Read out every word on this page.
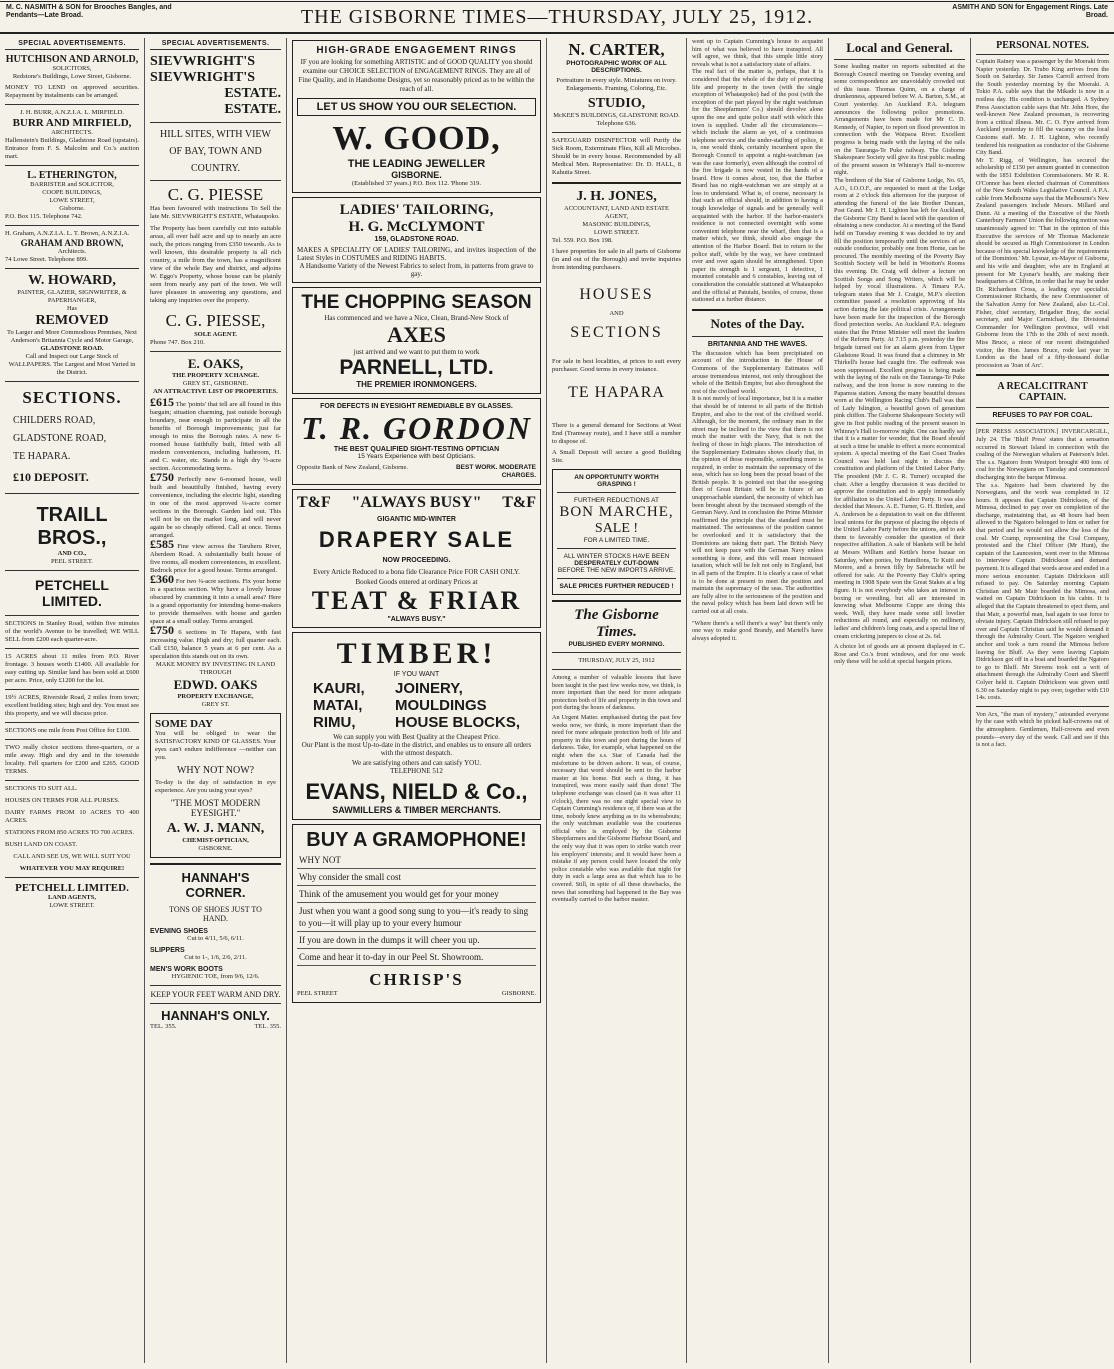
M. C. NASMITH & SON for Brooches Bangles, and Pendants—Late Broad.	THE GISBORNE TIMES—THURSDAY, JULY 25, 1912.	ASMITH AND SON for Engagement Rings. Late Broad.
SPECIAL ADVERTISEMENTS.
HUTCHISON AND ARNOLD,
SOLICITORS,
Redstone's Buildings, Lowe Street, Gisborne.
MONEY TO LEND on approved securities. Repayment by instalments can be arranged.
J. H. BURR, A.N.Z.I.A. L. MIRFIELD.
BURR AND MIRFIELD,
ARCHITECTS.
Hallenstein's Buildings, Gladstone Road (upstairs). Entrance from F. S. Malcolm and Co.'s auction mart.
L. ETHERINGTON,
BARRISTER and SOLICITOR,
COOPE BUILDINGS,
LOWE STREET,
Gisborne.
P.O. Box 115. Telephone 742.
H. Graham, A.N.Z.I.A. L. T. Brown, A.N.Z.I.A.
GRAHAM AND BROWN,
Architects.
74 Lowe Street. Telephone 899.
W. HOWARD,
PAINTER, GLAZIER, SIGNWRITER, & PAPERHANGER,
Has
REMOVED
To Larger and More Commodious Premises, Next Anderson's Britannia Cycle and Motor Garage,
GLADSTONE ROAD.
Call and Inspect our Large Stock of WALLPAPERS. The Largest and Most Varied in the District.
SECTIONS.
CHILDERS ROAD,
GLADSTONE ROAD,
TE HAPARA.
£10 DEPOSIT.
TRAILL BROS.,
AND CO.,
PEEL STREET.
PETCHELL LIMITED.
SECTIONS in Stanley Road, within five minutes of the world's Avenue to be travelled; WE WILL SELL from £200 each quarter-acre.
15 ACRES about 11 miles from P.O. River frontage. 3 houses worth £1400. All available for easy cutting up. Similar land has been sold at £600 per acre. Price, only £1200 for the lot.
19½ ACRES, Riverside Road, 2 miles from town; excellent building sites; high and dry. You must see this property, and we will discuss price.
SECTIONS one mile from Post Office for £100.
TWO really choice sections three-quarters, or a mile away. High and dry and in the townside locality. Fell quarters for £200 and £265. GOOD TERMS.
SECTIONS TO SUIT ALL.
HOUSES ON TERMS FOR ALL PURSES.
DAIRY FARMS FROM 10 ACRES TO 400 ACRES.
STATIONS FROM 850 ACRES TO 700 ACRES.
BUSH LAND ON COAST.
CALL AND SEE US, WE WILL SUIT YOU
WHATEVER YOU MAY REQUIRE!
PETCHELL LIMITED.
LAND AGENTS,
LOWE STREET.
SPECIAL ADVERTISEMENTS.
SIEVWRIGHT'S
SIEVWRIGHT'S
ESTATE.
ESTATE.
HILL SITES, WITH VIEW
OF BAY, TOWN AND
COUNTRY.
C. G. PIESSE
Has been favoured with instructions To Sell the late Mr. SIEVWRIGHT'S ESTATE, Whataupoko.
The Property has been carefully cut into suitable areas, all over half acre and up to nearly an acre each, the prices ranging from £350 towards. As is well known, this desirable property is all rich country, a mile from the town, has a magnificent view of the whole Bay and district, and adjoins W. Eggo's Property, whose house can be plainly seen from nearly any part of the town. We will have pleasure in answering any questions, and taking any inquiries over the property.
C. G. PIESSE,
SOLE AGENT.
Phone 747. Box 210.
E. OAKS,
THE PROPERTY XCHANGE.
GREY ST., GISBORNE.
AN ATTRACTIVE LIST OF PROPERTIES.
£615 The 'points' that tell are all found in this bargain; situation charming, just outside borough boundary, near enough to participate in all the benefits of Borough improvements; just far enough to miss the Borough rates. A new 6-roomed house faithfully built, fitted with all modern conveniences, including bathroom, H. and C. water, etc. Stands in a high dry ½-acre section. Accommodating terms.
£750 Perfectly new 6-roomed house, well built and beautifully finished, having every convenience, including the electric light, standing in one of the most approved ¼-acre corner sections in the Borough. Garden laid out. This will not be on the market long, and will never again be so cheaply offered. Call at once. Terms arranged.
£585 Fine view across the Taruheru River, Aberdeen Road. A substantially built house of five rooms, all modern conveniences, in excellent. Bedrock price for a good house. Terms arranged.
£360 For two ¼-acre sections. Fix your home in a spacious section. Why have a lovely house obscured by cramming it into a small area? Here is a grand opportunity for intending home-makers to provide themselves with house and garden space at a small outlay. Terms arranged.
£750 6 sections in Te Hapara, with fast increasing value. High and dry; full quarter each. Call £150, balance 5 years at 6 per cent. As a speculation this stands out on its own.
MAKE MONEY BY INVESTING IN LAND THROUGH
EDWD. OAKS
PROPERTY EXCHANGE,
GREY ST.
SOME DAY
You will be obliged to wear the SATISFACTORY KIND OF GLASSES. Your eyes can't endure indifference —neither can you.
WHY NOT NOW?
To-day is the day of satisfaction in eye experience. Are you using your eyes?
"THE MOST MODERN EYESIGHT."
A. W. J. MANN,
CHEMIST-OPTICIAN,
GISBORNE.
HANNAH'S CORNER.
TONS OF SHOES JUST TO HAND.
EVENING SHOES
Cut to 4/11, 5/6, 6/11.
SLIPPERS
Cut to 1-, 1/6, 2/6, 2/11.
MEN'S WORK BOOTS
HYGIENIC TOE, from 9/6, 12/6.
KEEP YOUR FEET WARM AND DRY.
HANNAH'S ONLY.
TEL. 355.	TEL. 355.
HIGH-GRADE ENGAGEMENT RINGS
IF you are looking for something ARTISTIC and of GOOD QUALITY you should examine our CHOICE SELECTION of ENGAGEMENT RINGS. They are all of Fine Quality, and in Handsome Designs, yet so reasonably priced as to be within the reach of all.
LET US SHOW YOU OUR SELECTION.
W. GOOD,
THE LEADING JEWELLER
GISBORNE.
(Established 37 years.) P.O. Box 112. 'Phone 319.
LADIES' TAILORING,
H. G. McCLYMONT
159, GLADSTONE ROAD.
MAKES A SPECIALITY OF LADIES' TAILORING, and invites inspection of the Latest Styles in COSTUMES and RIDING HABITS.
A Handsome Variety of the Newest Fabrics to select from, in patterns from grave to gay.
THE CHOPPING SEASON
Has commenced and we have a Nice, Clean, Brand-New Stock of
AXES
just arrived and we want to put them to work
PARNELL, LTD.
THE PREMIER IRONMONGERS.
FOR DEFECTS IN EYESIGHT REMEDIABLE BY GLASSES.
T. R. GORDON
THE BEST QUALIFIED SIGHT-TESTING OPTICIAN
15 Years Experience with best Opticians.
Opposite Bank of New Zealand, Gisborne.	BEST WORK. MODERATE CHARGES.
T&F "ALWAYS BUSY" T&F
GIGANTIC MID-WINTER
DRAPERY SALE
NOW PROCEEDING.
Every Article Reduced to a bona fide Clearance Price FOR CASH ONLY.
Booked Goods entered at ordinary Prices at
TEAT & FRIAR
"ALWAYS BUSY."
TIMBER!
IF YOU WANT
KAURI,
MATAI,
RIMU,
JOINERY,
MOULDINGS
HOUSE BLOCKS,
We can supply you with Best Quality at the Cheapest Price.
Our Plant is the most Up-to-date in the district, and enables us to ensure all orders with the utmost despatch.
We are satisfying others and can satisfy YOU.
TELEPHONE 512
EVANS, NIELD & Co.,
SAWMILLERS & TIMBER MERCHANTS.
BUY A GRAMOPHONE!
WHY NOT
Why consider the small cost
Think of the amusement you would get for your money
Just when you want a good song sung to you—it's ready to sing to you—it will play up to your every humour
If you are down in the dumps it will cheer you up.
Come and hear it to-day in our Peel St. Showroom.
CHRISP'S
PEEL STREET	GISBORNE.
N. CARTER,
PHOTOGRAPHIC WORK OF ALL DESCRIPTIONS.
Portraiture in every style. Miniatures on ivory. Enlargements. Framing, Coloring, Etc.
STUDIO,
McKEE'S BUILDINGS, GLADSTONE ROAD.
Telephone 636.
SAFEGUARD DISINFECTOR will Purify the Sick Room, Exterminate Flies, Kill all Microbes. Should be in every house. Recommended by all Medical Men. Representative: Dr. D. HALL, 8 Kahutia Street.
J. H. JONES,
ACCOUNTANT, LAND AND ESTATE AGENT,
MASONIC BUILDINGS,
LOWE STREET.
Tel. 559. P.O. Box 198.
I have properties for sale in all parts of Gisborne (in and out of the Borough) and invite inquiries from intending purchasers.
HOUSES
AND
SECTIONS
For sale in best localities, at prices to suit every purchaser. Good terms in every instance.
TE HAPARA
There is a general demand for Sections at West End (Tramway route), and I have still a number to dispose of.
A Small Deposit will secure a good Building Site.
AN OPPORTUNITY WORTH GRASPING !
FURTHER REDUCTIONS AT
BON MARCHE,
SALE !
FOR A LIMITED TIME.
ALL WINTER STOCKS HAVE BEEN
DESPERATELY CUT-DOWN
BEFORE THE NEW IMPORTS ARRIVE.
SALE PRICES FURTHER REDUCED !
The Gisborne Times.
PUBLISHED EVERY MORNING.
THURSDAY, JULY 25, 1912
Among a number of valuable lessons that have been taught in the past few weeks now, we think, is more important than the need for more adequate protection both of life and property in this town and port during the hours of darkness.
An Urgent Matter. emphasised during the past few weeks now, we think, is more important than the need for more adequate protection both of life and property in this town and port during the hours of darkness. Take, for example, what happened on the night when the s.s. Star of Canada had the misfortune to be driven ashore. It was, of course, necessary that word should be sent to the harbor master at his home. But such a thing, it has transpired, was more easily said than done! The telephone exchange was closed (as it was after 11 o'clock), there was no one night special view to Captain Cumming's residence or, if there was at the time, nobody knew anything as to its whereabouts; the only watchman available was the courteous official who is employed by the Gisborne Sheepfarmers and the Gisborne Harbour Board, and the only way that it was open to strike watch over his employers' interests; and it would have been a mistake if any person could have located the only police constable who was available that night for duty in such a large area as that which has to be covered. Still, in spite of all these drawbacks, the news that something had happened in the Bay was eventually carried to the harbor master.
went up to Captain Cumming's house to acquaint him of what was believed to have transpired. All will agree, we think, that this simple little story reveals what is not a satisfactory state of affairs.
The real fact of the matter is, perhaps, that it is considered that the whole of the duty of protecting life and property in the town (with the single exception of Whataupoko) had of the post (with the exception of the part played by the night watchman for the Sheepfarmers' Co.) should devolve alone upon the one and quite police staff with which this town is supplied. Under all the circumstances—which include the alarm as yet, of a continuous telephone service and the under-staffing of police, it is, one would think, certainly incumbent upon the Borough Council to appoint a night-watchman (as was the case formerly), even although the control of the fire brigade is now vested in the hands of a board. How it comes about, too, that the Harbor Board has no night-watchman we are simply at a loss to understand. What is, of course, necessary is that such an official should, in addition to having a tough knowledge of signals and be generally well acquainted with the harbor. If the harbor-master's residence is not connected overnight with some convenient telephone near the wharf, then that is a matter which, we think, should also engage the attention of the Harbor Board. But to return to the police staff, while by the way, we have continued over and over again should be strengthened. Upon paper its strength is 1 sergeant, 1 detective, 1 mounted constable and 6 constables, leaving out of consideration the constable stationed at Whataupoko and the official at Patutahi, besides, of course, those stationed at a further distance.
Notes of the Day.
BRITANNIA AND THE WAVES.
The discussion which has been precipitated on account of the introduction in the House of Commons of the Supplementary Estimates will arouse tremendous interest, not only throughout the whole of the British Empire, but also throughout the rest of the civilised world.
It is not merely of local importance, but it is a matter that should be of interest to all parts of the British Empire, and also to the rest of the civilised world. Although, for the moment, the ordinary man in the street may be inclined to the view that there is not much the matter with the Navy, that is not the feeling of those in high places. The introduction of the Supplementary Estimates shows clearly that, in the opinion of those responsible, something more is required, in order to maintain the supremacy of the seas, which has so long been the proud boast of the British people. It is pointed out that the sea-going fleet of Great Britain will be in future of an unapproachable standard, the necessity of which has been brought about by the increased strength of the German Navy. And in conclusion the Prime Minister reaffirmed the principle that the standard must be maintained. The seriousness of the position cannot be overlooked and it is satisfactory that the Dominions are taking their part. The British Navy will not keep pace with the German Navy unless something is done, and this will mean increased taxation, which will be felt not only in England, but in all parts of the Empire. It is clearly a case of what is to be done at present to meet the position and maintain the supremacy of the seas. The authorities are fully alive to the seriousness of the position and the naval policy which has been laid down will be carried out at all costs.
"Where there's a will there's a way" but there's only one way to make good Brandy, and Martell's have always adopted it.
Local and General.
Some leading matter on reports submitted at the Borough Council meeting on Tuesday evening and some correspondence are unavoidably crowded out of this issue. Thomas Quinn, on a charge of drunkenness, appeared before W. A. Barton, S.M., at Court yesterday. An Auckland P.A. telegram announces the following police promotions. Arrangements have been made for Mr C. D. Kennedy, of Napier, to report on flood prevention in connection with the Waipaoa River. Excellent progress is being made with the laying of the rails on the Tauranga-Te Puke railway. The Gisborne Shakespeare Society will give its first public reading of the present season in Whinray's Hall to-morrow night.
The brethren of the Star of Gisborne Lodge, No. 65, A.O., I.O.O.F., are requested to meet at the Lodge room at 2 o'clock this afternoon for the purpose of attending the funeral of the late Brother Duncan, Post Grand. Mr J. H. Lighton has left for Auckland, the Gisborne City Band is faced with the question of obtaining a new conductor. At a meeting of the Band held on Tuesday evening it was decided to try and fill the position temporarily until the services of an outside conductor, probably one from Home, can be procured. The monthly meeting of the Poverty Bay Scottish Society will be held in Wootton's Rooms this evening. Dr. Craig will deliver a lecture on Scottish Songs and Song Writers, which will be helped by vocal illustrations. A Timaru P.A. telegram states that Mr J. Craigie, M.P.'s election committee passed a resolution approving of his action during the late political crisis. Arrangements have been made for the inspection of the Borough flood protection works. An Auckland P.A. telegram states that the Prime Minister will meet the leaders of the Reform Party. At 7.15 p.m. yesterday the fire brigade turned out for an alarm given from Upper Gladstone Road. It was found that a chimney in Mr Thirkell's house had caught fire. The outbreak was soon suppressed. Excellent progress is being made with the laying of the rails on the Tauranga-Te Puke railway, and the iron horse is now running to the Papamoa station. Among the many beautiful dresses worn at the Wellington Racing Club's Ball was that of Lady Islington, a beautiful gown of geranium pink chiffon. The Gisborne Shakespeare Society will give its first public reading of the present season in Whinray's Hall to-morrow night. One can hardly say that it is a matter for wonder, that the Board should at such a time be unable to effect a more economical system. A special meeting of the East Coast Trades Council was held last night to discuss the constitution and platform of the United Labor Party. The president (Mr J. C. R. Turner) occupied the chair. After a lengthy discussion it was decided to approve the constitution and to apply immediately for affiliation to the United Labor Party. It was also decided that Messrs. A. E. Turner, G. H. Birtlett, and A. Anderson be a deputation to wait on the different local unions for the purpose of placing the objects of the United Labor Party before the unions, and to ask them to favorably consider the question of their respective affiliation. A sale of blankets will be held at Messrs William and Kettle's horse bazaar on Saturday, when ponies, by Hamiltons, Te Kuiti and Morere, and a brown filly by Sabretache will be offered for sale. At the Poverty Bay Club's spring meeting in 1908 Spate won the Great Stakes at a big figure. It is not everybody who takes an interest in boxing or wrestling, but all are interested in knowing what Melbourne Cuppe are doing this week. Well, they have made some still lovelier reductions all round, and especially on millinery, ladies' and children's long coats, and a special line of cream cricketing jumpers to close at 2s. 6d.
A choice lot of goods are at present displayed in C. Rose and Co.'s front windows, and for one week only these will be sold at special bargain prices.
PERSONAL NOTES.
Captain Rainey was a passenger by the Moeraki from Napier yesterday. Dr. Trubo King arrives from the South on Saturday. Sir James Carroll arrived from the South yesterday morning by the Moeraki. A Tokio P.A. cable says that the Mikado is now in a restless day. His condition is unchanged. A Sydney Press Association cable says that Mr. John Hore, the well-known New Zealand pressman, is recovering from a critical illness. Mr. C. O. Fyre arrived from Auckland yesterday to fill the vacancy on the local Customs staff. Mr. J. H. Lighton, who recently tendered his resignation as conductor of the Gisborne City Band.
Mr T. Rigg, of Wellington, has secured the scholarship of £150 per annum granted in connection with the 1851 Exhibition Commissioners. Mr R. R. O'Connor has been elected chairman of Committees of the New South Wales Legislative Council. A P.A. cable from Melbourne says that the Melbourne's New Zealand passengers include Messrs. Millard and Dunn. At a meeting of the Executive of the North Canterbury Farmers' Union the following motion was unanimously agreed to: 'That in the opinion of this Executive the services of Mr Thomas Mackenzie should be secured as High Commissioner in London because of his special knowledge of the requirements of the Dominion.' Mr. Lysnar, ex-Mayor of Gisborne, and his wife and daughter, who are in England at present for Mr Lysnar's health, are making their headquarters at Clifton, in order that he may be under Dr. Richardson Cross, a leading eye specialist. Commissioner Richards, the new Commissioner of the Salvation Army for New Zealand, also Lt.-Col. Fisher, chief secretary, Brigadier Bray, the social secretary, and Major Carmichael, the Divisional Commander for Wellington province, will visit Gisborne from the 17th to the 20th of next month. Miss Bruce, a niece of our recent distinguished visitor, the Hon. James Bruce, rode last year in London as the head of a fifty-thousand dollar procession as 'Joan of Arc'.
A RECALCITRANT CAPTAIN.
REFUSES TO PAY FOR COAL.
[PER PRESS ASSOCIATION.] INVERCARGILL, July 24. The 'Bluff Press' states that a sensation occurred in Stewart Island in connection with the coaling of the Norwegian whalers at Paterson's Inlet. The s.s. Ngatoro from Westport brought 400 tons of coal for the Norwegians on Tuesday and commenced discharging into the barque Mimosa.
The s.s. Ngatoro had been chartered by the Norwegians, and the work was completed in 12 hours. It appears that Captain Didrickson, of the Mimosa, declined to pay over on completion of the discharge, maintaining that, as 48 hours had been allowed to the Ngatoro belonged to him or rather for that period and he would not allow the loss of the coal. Mr Cramp, representing the Coal Company, protested and the Chief Officer (Mr Hunt), the captain of the Launceston, went over to the Mimosa to interview Captain Didrickson and demand payment. It is alleged that words arose and ended in a more serious encounter. Captain Didrickson still refused to pay. On Saturday morning Captain Christian and Mr Mair boarded the Mimosa, and waited on Captain Didrickson in his cabin. It is alleged that the Captain threatened to eject them, and that Mair, a powerful man, had again to use force to obviate injury. Captain Didrickson still refused to pay over and Captain Christian said he would demand it through the Admiralty Court. The Ngatoro weighed anchor and took a turn round the Mimosa before leaving for Bluff. As they were leaving Captain Didrickson got off in a boat and boarded the Ngatoro to go to Bluff. Mr Stevens took out a writ of attachment through the Admiralty Court and Sheriff Colyer held it. Captain Didrickson was given until 6.30 on Saturday night to pay over, together with £10 14s. costs.
Von Arx, "the man of mystery," astounded everyone by the case with which he picked half-crowns out of the atmosphere. Gentlemen, Half-crowns and even pounds—every day of the week. Call and see if this is not a fact.
